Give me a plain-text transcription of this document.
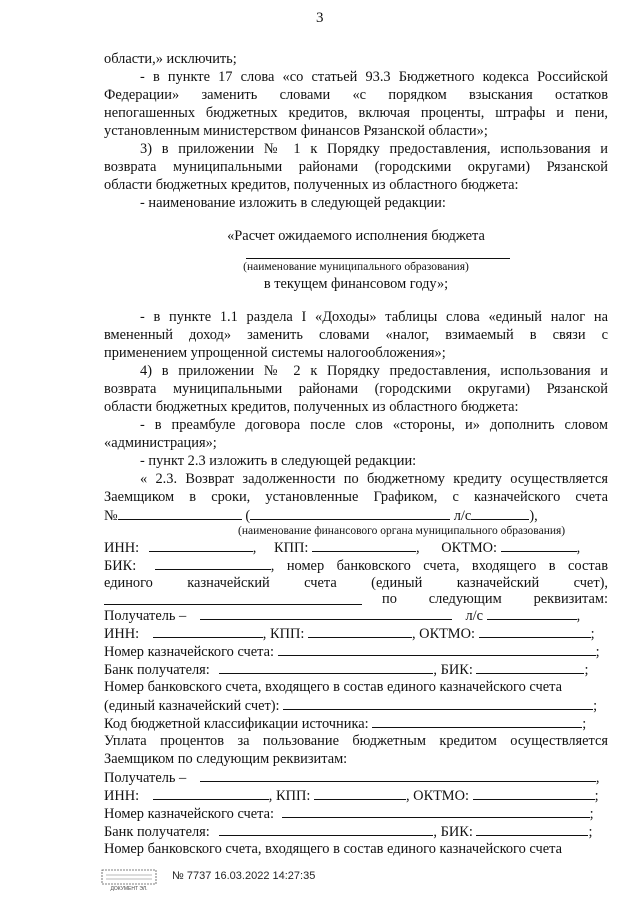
3
области,» исключить;
- в пункте 17 слова «со статьей 93.3 Бюджетного кодекса Российской
Федерации» заменить словами «с порядком взыскания остатков
непогашенных бюджетных кредитов, включая проценты, штрафы и пени,
установленным министерством финансов Рязанской области»;
3) в приложении № 1 к Порядку предоставления, использования и
возврата муниципальными районами (городскими округами) Рязанской
области бюджетных кредитов, полученных из областного бюджета:
- наименование изложить в следующей редакции:
«Расчет ожидаемого исполнения бюджета
(наименование муниципального образования)
в текущем финансовом году»;
- в пункте 1.1 раздела I «Доходы» таблицы слова «единый налог на
вмененный доход» заменить словами «налог, взимаемый в связи с
применением упрощенной системы налогообложения»;
4) в приложении № 2 к Порядку предоставления, использования и
возврата муниципальными районами (городскими округами) Рязанской
области бюджетных кредитов, полученных из областного бюджета:
- в преамбуле договора после слов «стороны, и» дополнить словом
«администрация»;
- пункт 2.3 изложить в следующей редакции:
« 2.3. Возврат задолженности по бюджетному кредиту осуществляется
Заемщиком в сроки, установленные Графиком, с казначейского счета
№	(	л/с	),
(наименование финансового органа муниципального образования)
ИНН:	, КПП:	, ОКТМО:	,
БИК:	, номер банковского счета, входящего в состав
единого казначейский счета (единый казначейский счет),
по следующим реквизитам:
Получатель –	л/с	,
ИНН:	, КПП:	, ОКТМО:	;
Номер казначейского счета:	;
Банк получателя:	, БИК:	;
Номер банковского счета, входящего в состав единого казначейского счета
(единый казначейский счет):	;
Код бюджетной классификации источника:	;
Уплата процентов за пользование бюджетным кредитом осуществляется
Заемщиком по следующим реквизитам:
Получатель –	,
ИНН:	, КПП:	, ОКТМО:	;
Номер казначейского счета:	;
Банк получателя:	, БИК:	;
Номер банковского счета, входящего в состав единого казначейского счета
ДОКУМЕНТ ЭЛ.
№ 7737 16.03.2022 14:27:35
